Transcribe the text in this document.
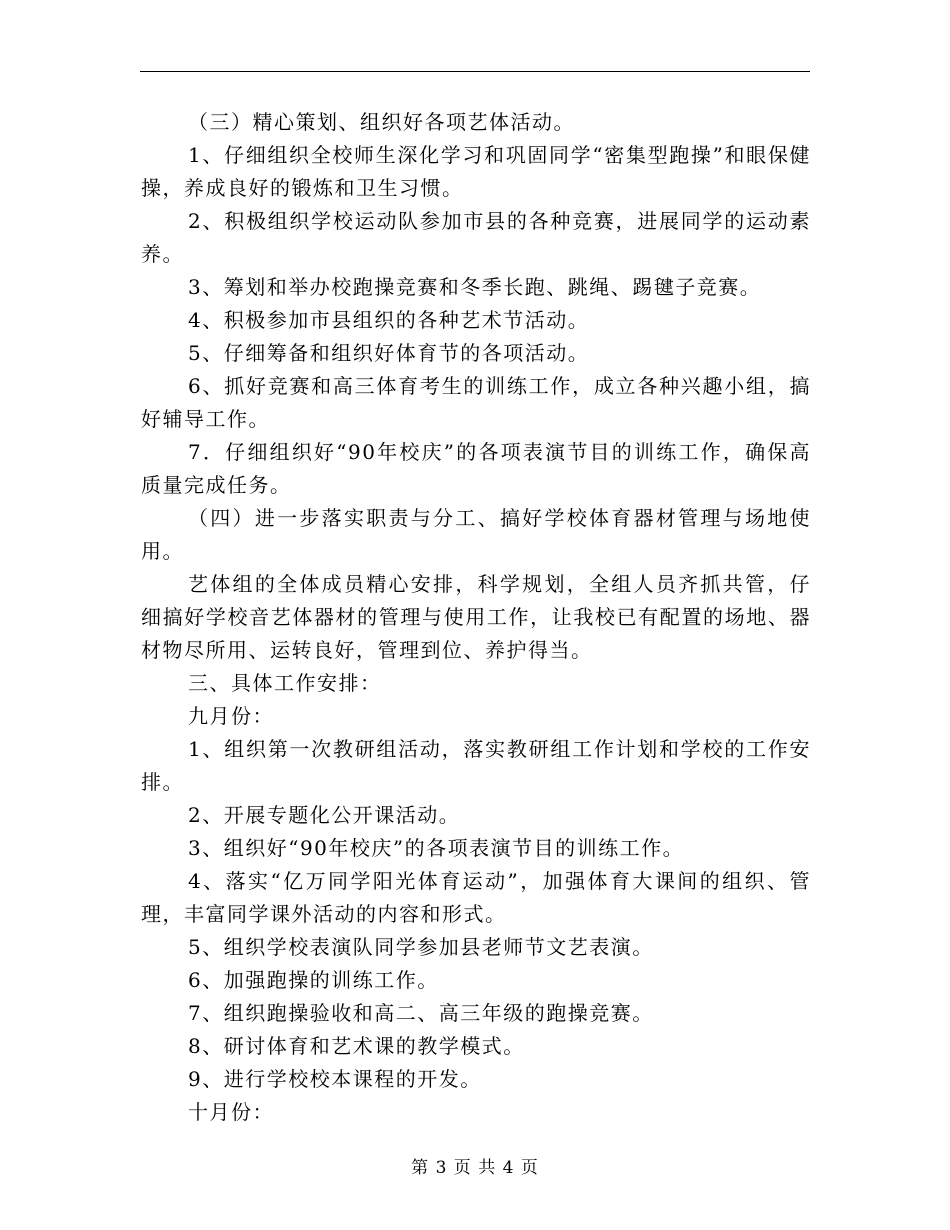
（三）精心策划、组织好各项艺体活动。

1、仔细组织全校师生深化学习和巩固同学“密集型跑操”和眼保健操，养成良好的锻炼和卫生习惯。

2、积极组织学校运动队参加市县的各种竞赛，进展同学的运动素养。

3、筹划和举办校跑操竞赛和冬季长跑、跳绳、踢毽子竞赛。

4、积极参加市县组织的各种艺术节活动。

5、仔细筹备和组织好体育节的各项活动。

6、抓好竞赛和高三体育考生的训练工作，成立各种兴趣小组，搞好辅导工作。

7．仔细组织好“90年校庆”的各项表演节目的训练工作，确保高质量完成任务。

（四）进一步落实职责与分工、搞好学校体育器材管理与场地使用。

艺体组的全体成员精心安排，科学规划，全组人员齐抓共管，仔细搞好学校音艺体器材的管理与使用工作，让我校已有配置的场地、器材物尽所用、运转良好，管理到位、养护得当。

三、具体工作安排：

九月份：

1、组织第一次教研组活动，落实教研组工作计划和学校的工作安排。

2、开展专题化公开课活动。

3、组织好“90年校庆”的各项表演节目的训练工作。

4、落实“亿万同学阳光体育运动”，加强体育大课间的组织、管理，丰富同学课外活动的内容和形式。

5、组织学校表演队同学参加县老师节文艺表演。

6、加强跑操的训练工作。

7、组织跑操验收和高二、高三年级的跑操竞赛。

8、研讨体育和艺术课的教学模式。

9、进行学校校本课程的开发。

十月份：

第 3 页 共 4 页
